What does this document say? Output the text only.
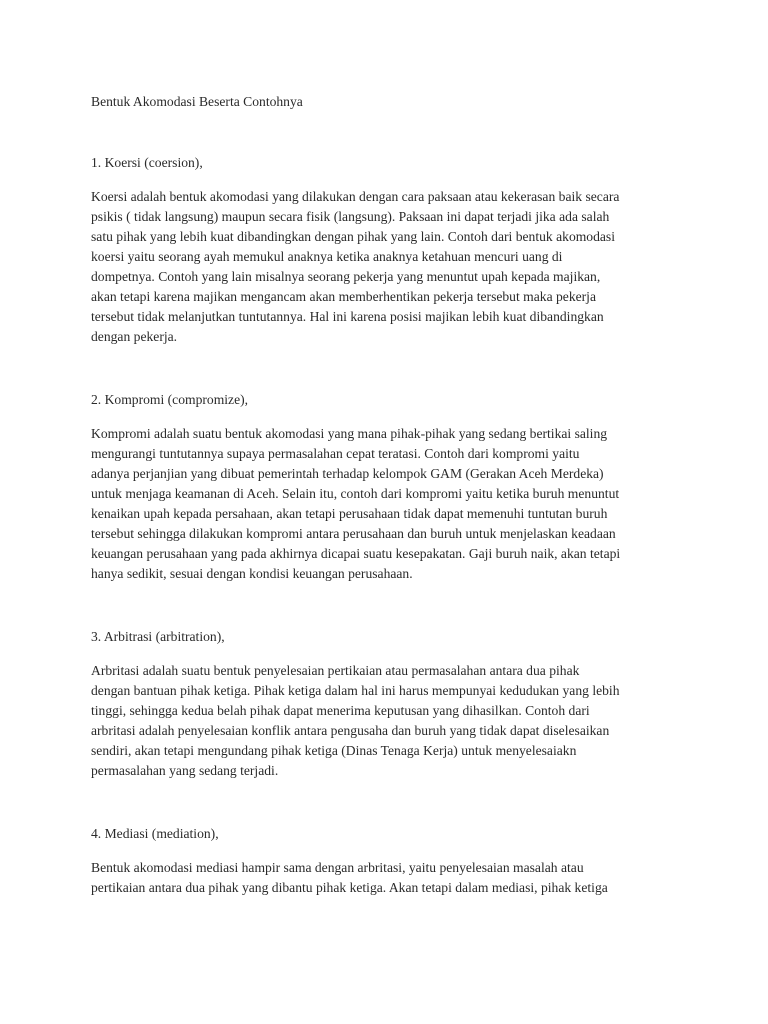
Bentuk Akomodasi Beserta Contohnya
1. Koersi (coersion),
Koersi adalah bentuk akomodasi yang dilakukan dengan cara paksaan atau kekerasan baik secara
psikis ( tidak langsung) maupun secara fisik (langsung). Paksaan ini dapat terjadi jika ada salah
satu pihak yang lebih kuat dibandingkan dengan pihak yang lain. Contoh dari bentuk akomodasi
koersi yaitu seorang ayah memukul anaknya ketika anaknya ketahuan mencuri uang di
dompetnya. Contoh yang lain misalnya seorang pekerja yang menuntut upah kepada majikan,
akan tetapi karena majikan mengancam akan memberhentikan pekerja tersebut maka pekerja
tersebut tidak melanjutkan tuntutannya. Hal ini karena posisi majikan lebih kuat dibandingkan
dengan pekerja.
2. Kompromi (compromize),
Kompromi adalah suatu bentuk akomodasi yang mana pihak-pihak yang sedang bertikai saling
mengurangi tuntutannya supaya permasalahan cepat teratasi. Contoh dari kompromi yaitu
adanya perjanjian yang dibuat pemerintah terhadap kelompok GAM (Gerakan Aceh Merdeka)
untuk menjaga keamanan di Aceh. Selain itu, contoh dari kompromi yaitu ketika buruh menuntut
kenaikan upah kepada persahaan, akan tetapi perusahaan tidak dapat memenuhi tuntutan buruh
tersebut sehingga dilakukan kompromi antara perusahaan dan buruh untuk menjelaskan keadaan
keuangan perusahaan yang pada akhirnya dicapai suatu kesepakatan. Gaji buruh naik, akan tetapi
hanya sedikit, sesuai dengan kondisi keuangan perusahaan.
3. Arbitrasi (arbitration),
Arbritasi adalah suatu bentuk penyelesaian pertikaian atau permasalahan antara dua pihak
dengan bantuan pihak ketiga. Pihak ketiga dalam hal ini harus mempunyai kedudukan yang lebih
tinggi, sehingga kedua belah pihak dapat menerima keputusan yang dihasilkan. Contoh dari
arbritasi adalah penyelesaian konflik antara pengusaha dan buruh yang tidak dapat diselesaikan
sendiri, akan tetapi mengundang pihak ketiga (Dinas Tenaga Kerja) untuk menyelesaiakn
permasalahan yang sedang terjadi.
4. Mediasi (mediation),
Bentuk akomodasi mediasi hampir sama dengan arbritasi, yaitu penyelesaian masalah atau
pertikaian antara dua pihak yang dibantu pihak ketiga. Akan tetapi dalam mediasi, pihak ketiga
